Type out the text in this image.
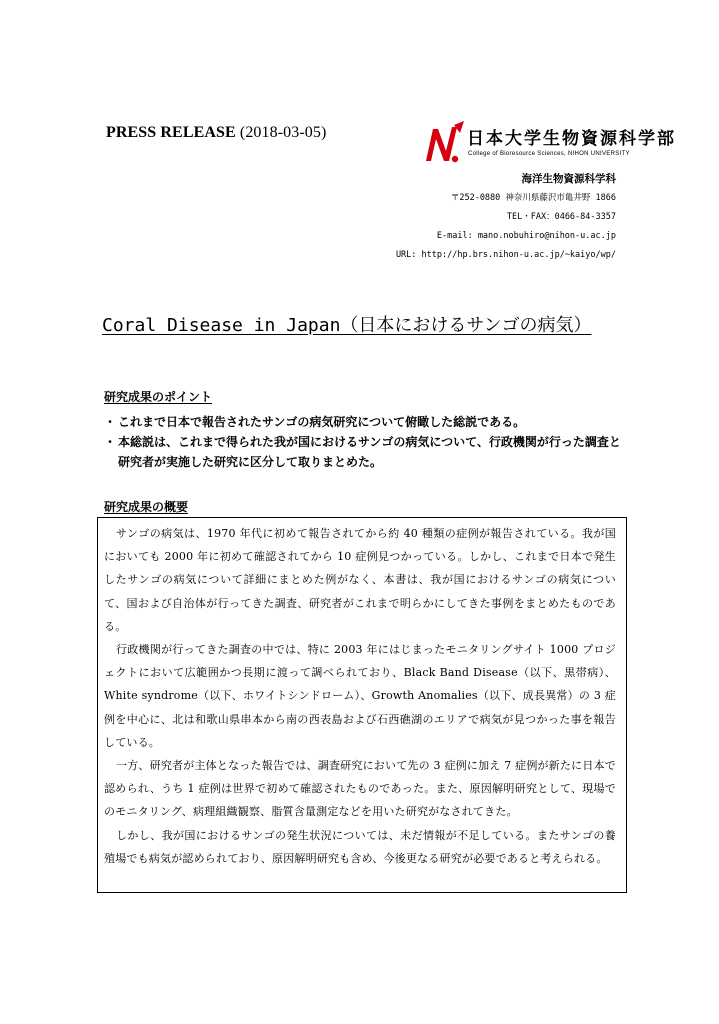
PRESS RELEASE (2018-03-05)	日本大学生物資源科学部
College of Bioresource Sciences, NIHON UNIVERSITY
海洋生物資源科学科
〒252-0880 神奈川県藤沢市亀井野 1866
TEL・FAX：0466-84-3357
E-mail: mano.nobuhiro@nihon-u.ac.jp
URL: http://hp.brs.nihon-u.ac.jp/~kaiyo/wp/
Coral Disease in Japan（日本におけるサンゴの病気）
研究成果のポイント
・ これまで日本で報告されたサンゴの病気研究について俯瞰した総説である。
・ 本総説は、これまで得られた我が国におけるサンゴの病気について、行政機関が行った調査と研究者が実施した研究に区分して取りまとめた。
研究成果の概要

サンゴの病気は、1970 年代に初めて報告されてから約 40 種類の症例が報告されている。我が国においても 2000 年に初めて確認されてから 10 症例見つかっている。しかし、これまで日本で発生したサンゴの病気について詳細にまとめた例がなく、本書は、我が国におけるサンゴの病気について、国および自治体が行ってきた調査、研究者がこれまで明らかにしてきた事例をまとめたものである。

行政機関が行ってきた調査の中では、特に 2003 年にはじまったモニタリングサイト 1000 プロジェクトにおいて広範囲かつ長期に渡って調べられており、Black Band Disease（以下、黒帯病）、White syndrome（以下、ホワイトシンドローム）、Growth Anomalies（以下、成長異常）の 3 症例を中心に、北は和歌山県串本から南の西表島および石西礁湖のエリアで病気が見つかった事を報告している。

一方、研究者が主体となった報告では、調査研究において先の 3 症例に加え 7 症例が新たに日本で認められ、うち 1 症例は世界で初めて確認されたものであった。また、原因解明研究として、現場でのモニタリング、病理組織観察、脂質含量測定などを用いた研究がなされてきた。

しかし、我が国におけるサンゴの発生状況については、未だ情報が不足している。またサンゴの養殖場でも病気が認められており、原因解明研究も含め、今後更なる研究が必要であると考えられる。
